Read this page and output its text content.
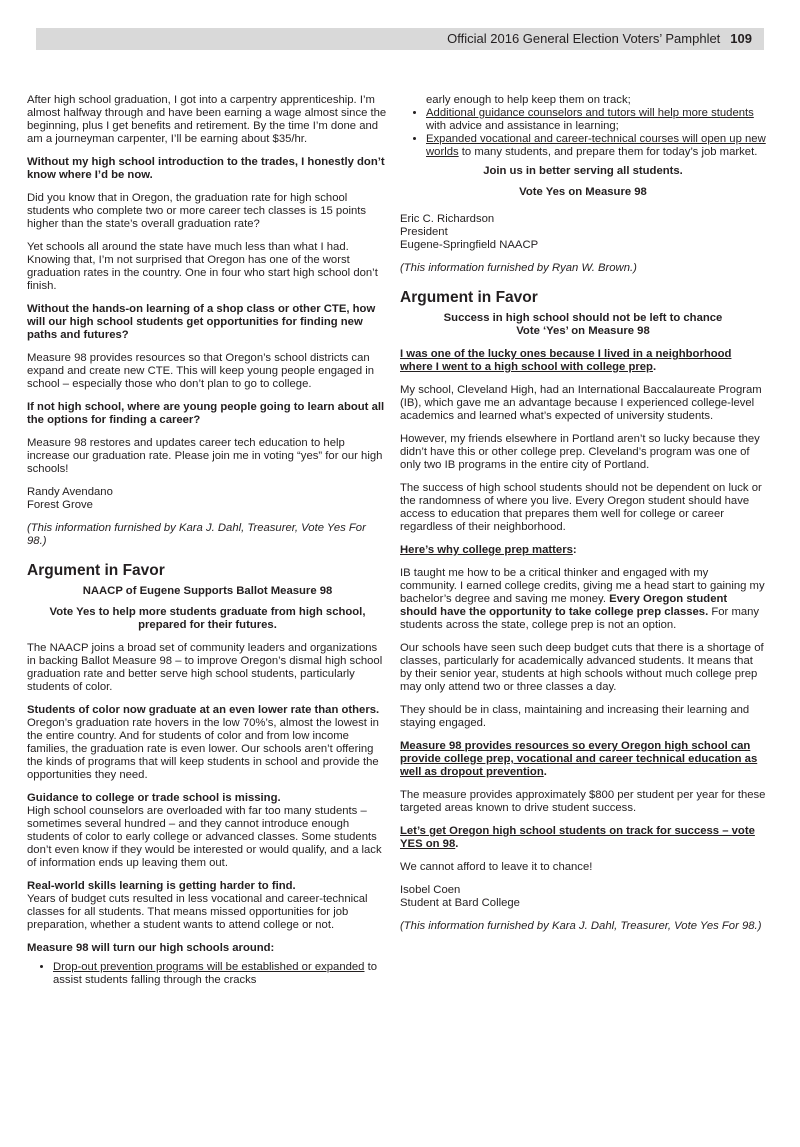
Official 2016 General Election Voters’ Pamphlet 109

After high school graduation, I got into a carpentry apprenticeship. I’m almost halfway through and have been earning a wage almost since the beginning, plus I get benefits and retirement. By the time I’m done and am a journeyman carpenter, I’ll be earning about $35/hr.

Without my high school introduction to the trades, I honestly don’t know where I’d be now.

Did you know that in Oregon, the graduation rate for high school students who complete two or more career tech classes is 15 points higher than the state’s overall graduation rate?

Yet schools all around the state have much less than what I had. Knowing that, I’m not surprised that Oregon has one of the worst graduation rates in the country. One in four who start high school don’t finish.

Without the hands-on learning of a shop class or other CTE, how will our high school students get opportunities for finding new paths and futures?

Measure 98 provides resources so that Oregon’s school districts can expand and create new CTE. This will keep young people engaged in school – especially those who don’t plan to go to college.

If not high school, where are young people going to learn about all the options for finding a career?

Measure 98 restores and updates career tech education to help increase our graduation rate. Please join me in voting “yes” for our high schools!

Randy Avendano
Forest Grove

(This information furnished by Kara J. Dahl, Treasurer, Vote Yes For 98.)

Argument in Favor

NAACP of Eugene Supports Ballot Measure 98

Vote Yes to help more students graduate from high school, prepared for their futures.

The NAACP joins a broad set of community leaders and organizations in backing Ballot Measure 98 – to improve Oregon’s dismal high school graduation rate and better serve high school students, particularly students of color.

Students of color now graduate at an even lower rate than others.

Oregon’s graduation rate hovers in the low 70%’s, almost the lowest in the entire country. And for students of color and from low income families, the graduation rate is even lower. Our schools aren’t offering the kinds of programs that will keep students in school and provide the opportunities they need.

Guidance to college or trade school is missing.

High school counselors are overloaded with far too many students – sometimes several hundred – and they cannot introduce enough students of color to early college or advanced classes. Some students don’t even know if they would be interested or would qualify, and a lack of information ends up leaving them out.

Real-world skills learning is getting harder to find.

Years of budget cuts resulted in less vocational and career-technical classes for all students. That means missed opportunities for job preparation, whether a student wants to attend college or not.

Measure 98 will turn our high schools around:

• Drop-out prevention programs will be established or expanded to assist students falling through the cracks

early enough to help keep them on track;

• Additional guidance counselors and tutors will help more students with advice and assistance in learning;
• Expanded vocational and career-technical courses will open up new worlds to many students, and prepare them for today’s job market.

Join us in better serving all students.

Vote Yes on Measure 98

Eric C. Richardson
President
Eugene-Springfield NAACP

(This information furnished by Ryan W. Brown.)

Argument in Favor

Success in high school should not be left to chance
Vote ‘Yes’ on Measure 98

I was one of the lucky ones because I lived in a neighborhood where I went to a high school with college prep.

My school, Cleveland High, had an International Baccalaureate Program (IB), which gave me an advantage because I experienced college-level academics and learned what’s expected of university students.

However, my friends elsewhere in Portland aren’t so lucky because they didn’t have this or other college prep. Cleveland’s program was one of only two IB programs in the entire city of Portland.

The success of high school students should not be dependent on luck or the randomness of where you live. Every Oregon student should have access to education that prepares them well for college or career regardless of their neighborhood.

Here’s why college prep matters:

IB taught me how to be a critical thinker and engaged with my community. I earned college credits, giving me a head start to gaining my bachelor’s degree and saving me money. Every Oregon student should have the opportunity to take college prep classes. For many students across the state, college prep is not an option.

Our schools have seen such deep budget cuts that there is a shortage of classes, particularly for academically advanced students. It means that by their senior year, students at high schools without much college prep may only attend two or three classes a day.

They should be in class, maintaining and increasing their learning and staying engaged.

Measure 98 provides resources so every Oregon high school can provide college prep, vocational and career technical education as well as dropout prevention.

The measure provides approximately $800 per student per year for these targeted areas known to drive student success.

Let’s get Oregon high school students on track for success – vote YES on 98.

We cannot afford to leave it to chance!

Isobel Coen
Student at Bard College

(This information furnished by Kara J. Dahl, Treasurer, Vote Yes For 98.)
